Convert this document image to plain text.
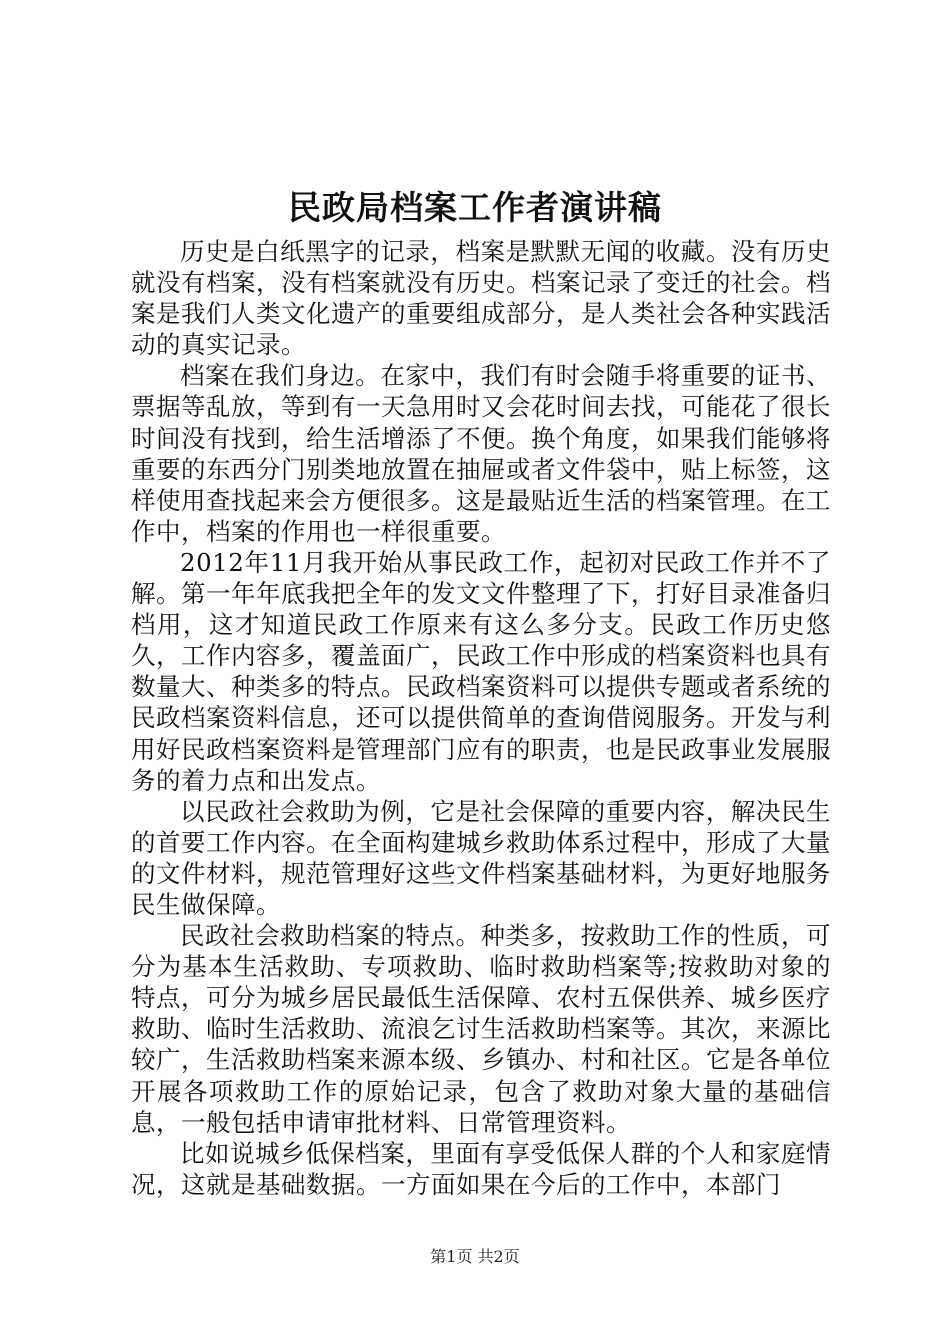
民政局档案工作者演讲稿

历史是白纸黑字的记录，档案是默默无闻的收藏。没有历史就没有档案，没有档案就没有历史。档案记录了变迁的社会。档案是我们人类文化遗产的重要组成部分，是人类社会各种实践活动的真实记录。

档案在我们身边。在家中，我们有时会随手将重要的证书、票据等乱放，等到有一天急用时又会花时间去找，可能花了很长时间没有找到，给生活增添了不便。换个角度，如果我们能够将重要的东西分门别类地放置在抽屉或者文件袋中，贴上标签，这样使用查找起来会方便很多。这是最贴近生活的档案管理。在工作中，档案的作用也一样很重要。

2012年11月我开始从事民政工作，起初对民政工作并不了解。第一年年底我把全年的发文文件整理了下，打好目录准备归档用，这才知道民政工作原来有这么多分支。民政工作历史悠久，工作内容多，覆盖面广，民政工作中形成的档案资料也具有数量大、种类多的特点。民政档案资料可以提供专题或者系统的民政档案资料信息，还可以提供简单的查询借阅服务。开发与利用好民政档案资料是管理部门应有的职责，也是民政事业发展服务的着力点和出发点。

以民政社会救助为例，它是社会保障的重要内容，解决民生的首要工作内容。在全面构建城乡救助体系过程中，形成了大量的文件材料，规范管理好这些文件档案基础材料，为更好地服务民生做保障。

民政社会救助档案的特点。种类多，按救助工作的性质，可分为基本生活救助、专项救助、临时救助档案等;按救助对象的特点，可分为城乡居民最低生活保障、农村五保供养、城乡医疗救助、临时生活救助、流浪乞讨生活救助档案等。其次，来源比较广，生活救助档案来源本级、乡镇办、村和社区。它是各单位开展各项救助工作的原始记录，包含了救助对象大量的基础信息，一般包括申请审批材料、日常管理资料。

比如说城乡低保档案，里面有享受低保人群的个人和家庭情况，这就是基础数据。一方面如果在今后的工作中，本部门

第1页 共2页
